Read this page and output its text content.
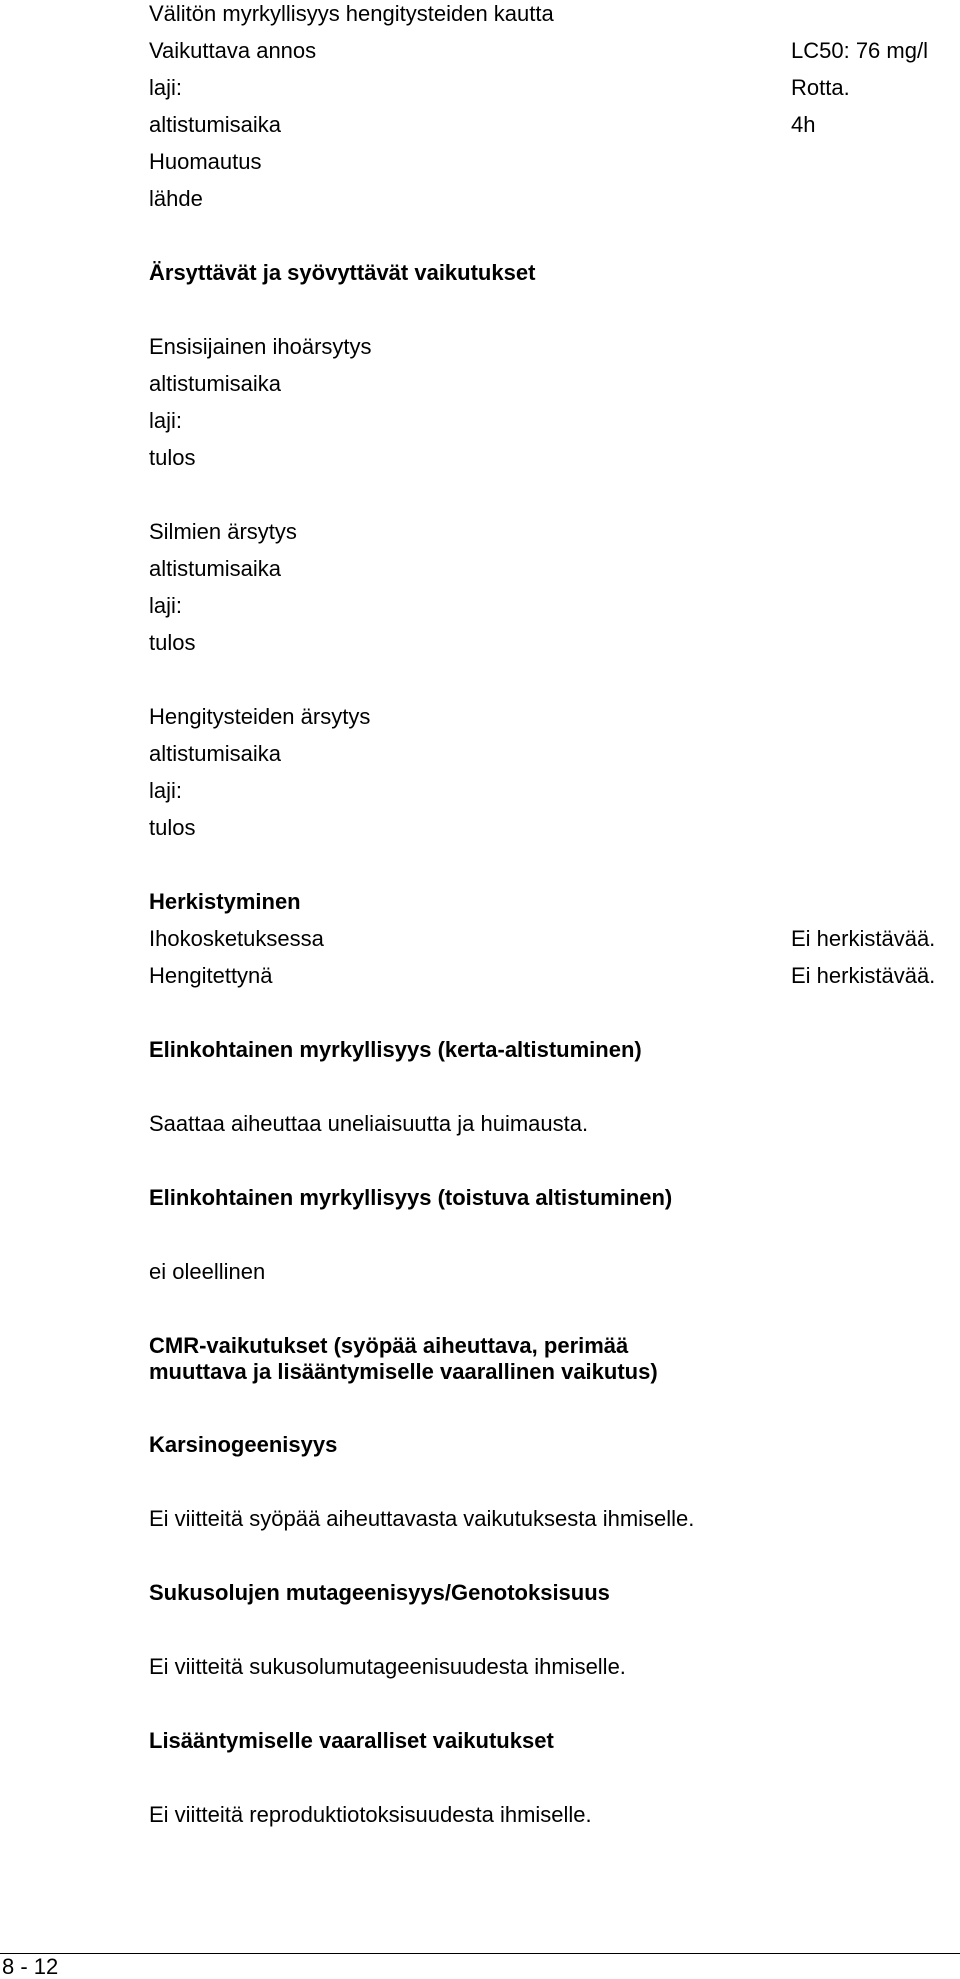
Välitön myrkyllisyys hengitysteiden kautta
Vaikuttava annos	LC50: 76 mg/l
laji:	Rotta.
altistumisaika	4h
Huomautus
lähde
Ärsyttävät ja syövyttävät vaikutukset
Ensisijainen ihoärsytys
altistumisaika
laji:
tulos
Silmien ärsytys
altistumisaika
laji:
tulos
Hengitysteiden ärsytys
altistumisaika
laji:
tulos
Herkistyminen
Ihokosketuksessa	Ei herkistävää.
Hengitettynä	Ei herkistävää.
Elinkohtainen myrkyllisyys (kerta-altistuminen)
Saattaa aiheuttaa uneliaisuutta ja huimausta.
Elinkohtainen myrkyllisyys (toistuva altistuminen)
ei oleellinen
CMR-vaikutukset (syöpää aiheuttava, perimää
muuttava ja lisääntymiselle vaarallinen vaikutus)
Karsinogeenisyys
Ei viitteitä syöpää aiheuttavasta vaikutuksesta ihmiselle.
Sukusolujen mutageenisyys/Genotoksisuus
Ei viitteitä sukusolumutageenisuudesta ihmiselle.
Lisääntymiselle vaaralliset vaikutukset
Ei viitteitä reproduktiotoksisuudesta ihmiselle.
8 - 12
